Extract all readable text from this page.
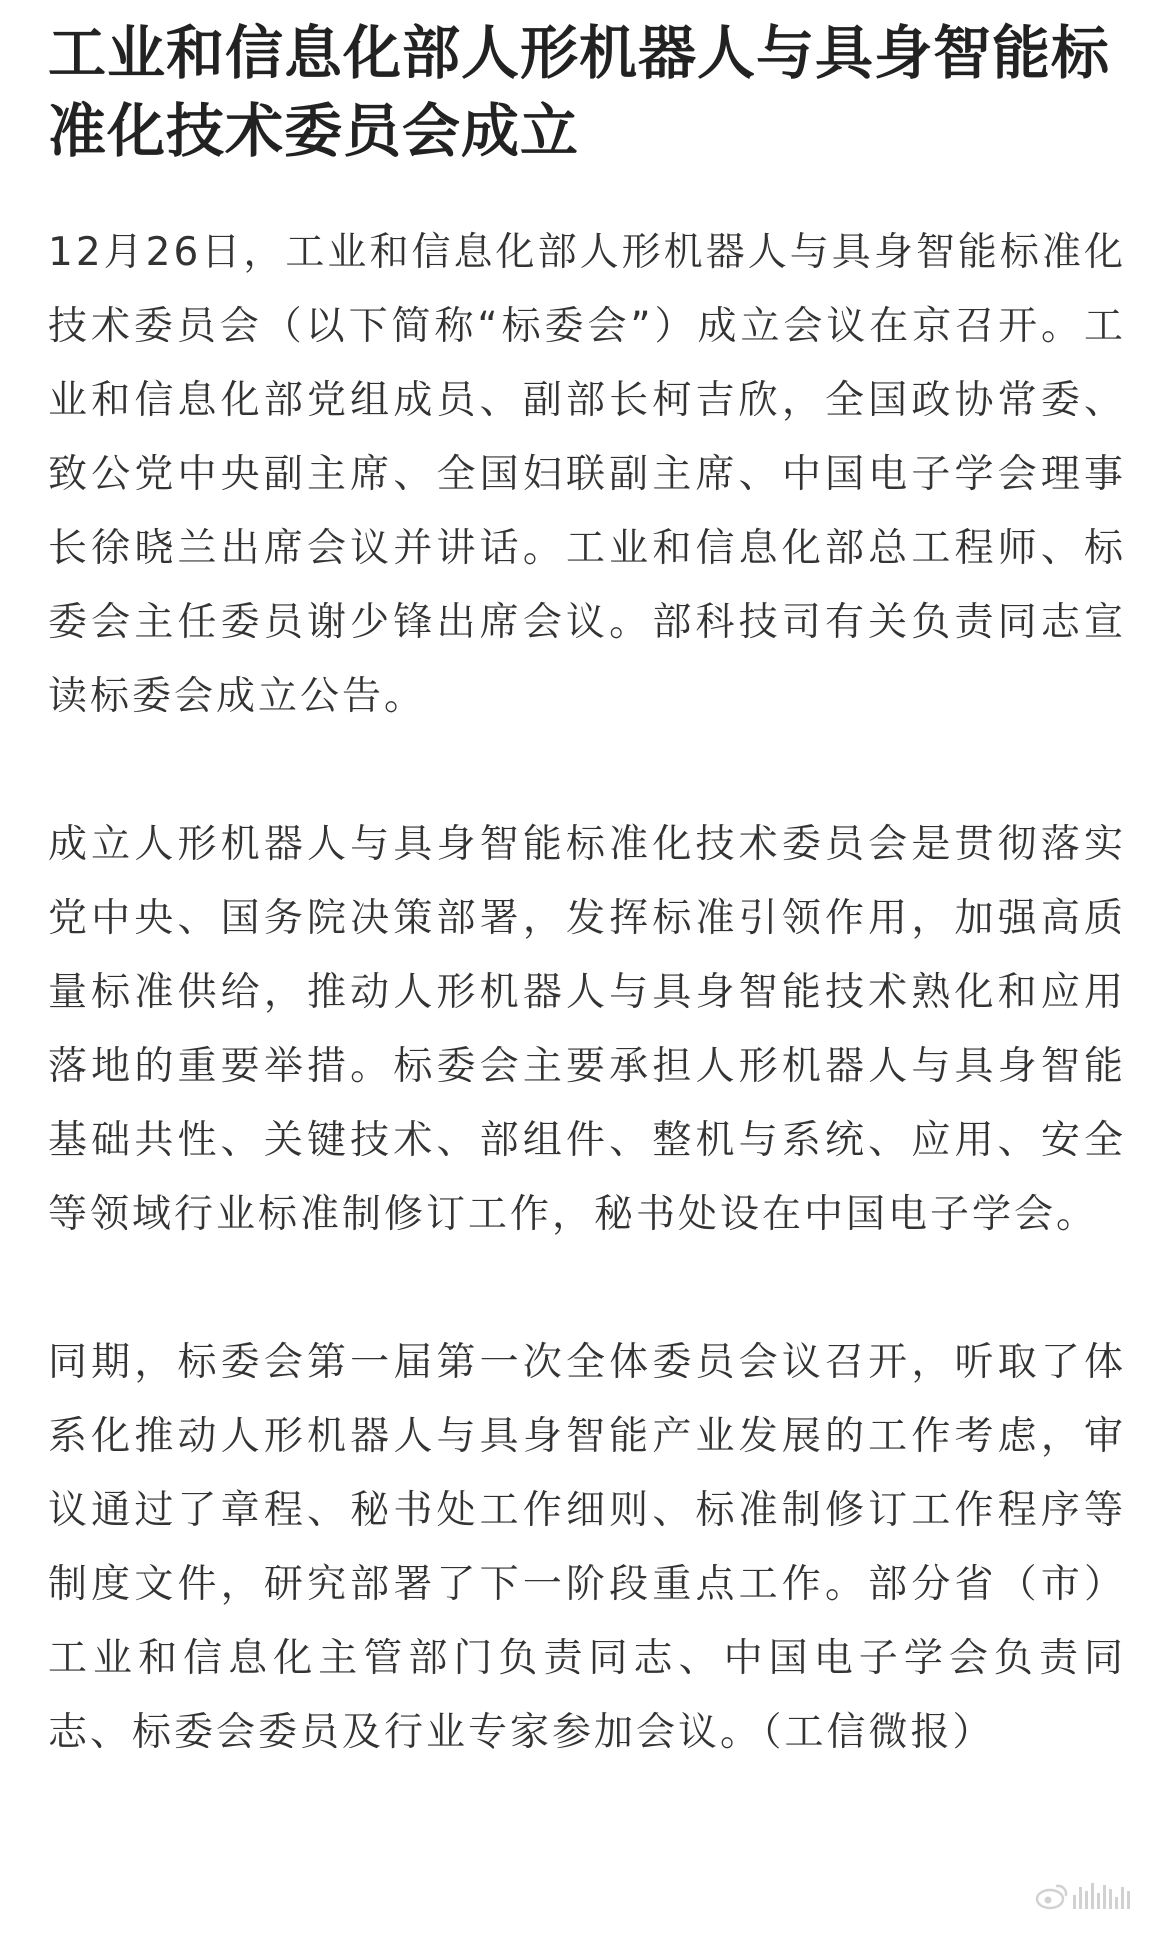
工业和信息化部人形机器人与具身智能标准化技术委员会成立

12月26日，工业和信息化部人形机器人与具身智能标准化技术委员会（以下简称“标委会”）成立会议在京召开。工业和信息化部党组成员、副部长柯吉欣，全国政协常委、致公党中央副主席、全国妇联副主席、中国电子学会理事长徐晓兰出席会议并讲话。工业和信息化部总工程师、标委会主任委员谢少锋出席会议。部科技司有关负责同志宣读标委会成立公告。

成立人形机器人与具身智能标准化技术委员会是贯彻落实党中央、国务院决策部署，发挥标准引领作用，加强高质量标准供给，推动人形机器人与具身智能技术熟化和应用落地的重要举措。标委会主要承担人形机器人与具身智能基础共性、关键技术、部组件、整机与系统、应用、安全等领域行业标准制修订工作，秘书处设在中国电子学会。

同期，标委会第一届第一次全体委员会议召开，听取了体系化推动人形机器人与具身智能产业发展的工作考虑，审议通过了章程、秘书处工作细则、标准制修订工作程序等制度文件，研究部署了下一阶段重点工作。部分省（市）工业和信息化主管部门负责同志、中国电子学会负责同志、标委会委员及行业专家参加会议。（工信微报）
